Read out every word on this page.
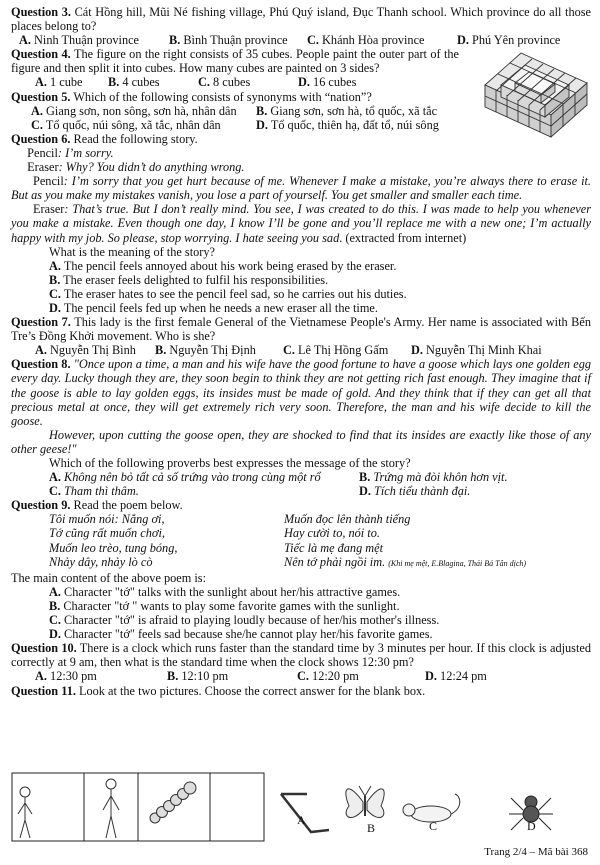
Question 3. Cát Hồng hill, Mũi Né fishing village, Phú Quý island, Đục Thanh school. Which province do all those places belong to?

A. Ninh Thuận province	B. Bình Thuận province	C. Khánh Hòa province	D. Phú Yên province

Question 4. The figure on the right consists of 35 cubes. People paint the outer part of the figure and then split it into cubes. How many cubes are painted on 3 sides?

A. 1 cube	B. 4 cubes	C. 8 cubes	D. 16 cubes

Question 5. Which of the following consists of synonyms with “nation”?

A. Giang sơn, non sông, sơn hà, nhân dân	B. Giang sơn, sơn hà, tổ quốc, xã tắc
C. Tổ quốc, núi sông, xã tắc, nhân dân	D. Tổ quốc, thiên hạ, đất tổ, núi sông

Question 6. Read the following story.

Pencil: I’m sorry.

Eraser: Why? You didn’t do anything wrong.

Pencil: I’m sorry that you get hurt because of me. Whenever I make a mistake, you’re always there to erase it. But as you make my mistakes vanish, you lose a part of yourself. You get smaller and smaller each time.

Eraser: That’s true. But I don’t really mind. You see, I was created to do this. I was made to help you whenever you make a mistake. Even though one day, I know I’ll be gone and you’ll replace me with a new one; I’m actually happy with my job. So please, stop worrying. I hate seeing you sad. (extracted from internet)

What is the meaning of the story?

A. The pencil feels annoyed about his work being erased by the eraser.

B. The eraser feels delighted to fulfil his responsibilities.

C. The eraser hates to see the pencil feel sad, so he carries out his duties.

D. The pencil feels fed up when he needs a new eraser all the time.

Question 7. This lady is the first female General of the Vietnamese People's Army. Her name is associated with Bến Tre’s Đồng Khởi movement. Who is she?

A. Nguyễn Thị Bình	B. Nguyễn Thị Định	C. Lê Thị Hồng Gấm	D. Nguyễn Thị Minh Khai

Question 8. "Once upon a time, a man and his wife have the good fortune to have a goose which lays one golden egg every day. Lucky though they are, they soon begin to think they are not getting rich fast enough. They imagine that if the goose is able to lay golden eggs, its insides must be made of gold. And they think that if they can get all that precious metal at once, they will get extremely rich very soon. Therefore, the man and his wife decide to kill the goose.

However, upon cutting the goose open, they are shocked to find that its insides are exactly like those of any other geese!"

Which of the following proverbs best expresses the message of the story?

A. Không nên bỏ tất cả số trứng vào trong cùng một rổ	B. Trứng mà đòi khôn hơn vịt.
C. Tham thì thâm.	D. Tích tiểu thành đại.

Question 9. Read the poem below.

Tôi muốn nói: Nắng ơi,	Muốn đọc lên thành tiếng
Tớ cũng rất muốn chơi,	Hay cười to, nói to.
Muốn leo trèo, tung bóng,	Tiếc là mẹ đang mệt
Nhảy dây, nhảy lò cò	Nên tớ phải ngồi im. (Khi mẹ mệt, E.Blagina, Thái Bá Tân dịch)

The main content of the above poem is:

A. Character "tớ" talks with the sunlight about her/his attractive games.

B. Character "tớ " wants to play some favorite games with the sunlight.

C. Character "tớ" is afraid to playing loudly because of her/his mother's illness.

D. Character "tớ" feels sad because she/he cannot play her/his favorite games.

Question 10. There is a clock which runs faster than the standard time by 3 minutes per hour. If this clock is adjusted correctly at 9 am, then what is the standard time when the clock shows 12:30 pm?

A. 12:30 pm	B. 12:10 pm	C. 12:20 pm	D. 12:24 pm

Question 11. Look at the two pictures. Choose the correct answer for the blank box.

A
B	C	D
Trang 2/4 – Mã bài 368
